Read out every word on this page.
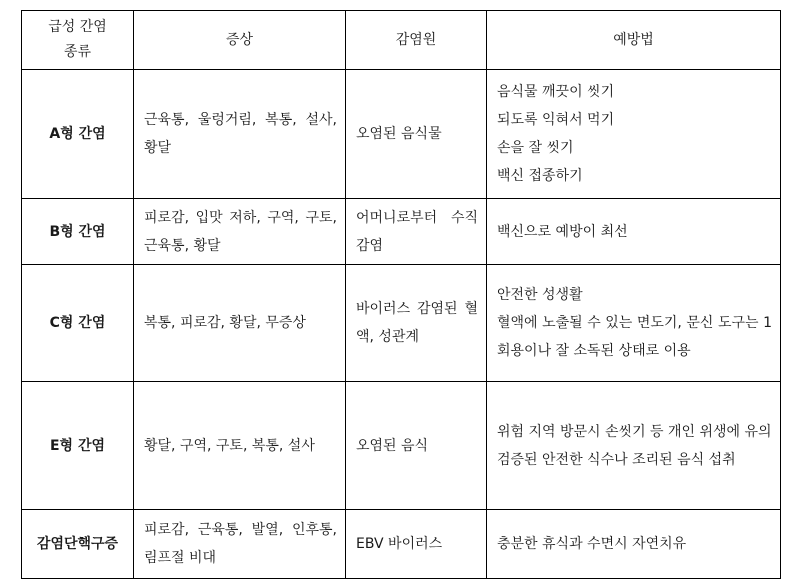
급성 간염
종류	증상	감염원	예방법
A형 간염	근육통, 울렁거림, 복통, 설사, 황달	오염된 음식물	음식물 깨끗이 씻기
되도록 익혀서 먹기
손을 잘 씻기
백신 접종하기

B형 간염	피로감, 입맛 저하, 구역, 구토, 근육통, 황달	어머니로부터 수직 감염	백신으로 예방이 최선

C형 간염	복통, 피로감, 황달, 무증상	바이러스 감염된 혈액, 성관계	안전한 성생활
혈액에 노출될 수 있는 면도기, 문신 도구는 1회용이나 잘 소독된 상태로 이용

E형 간염	황달, 구역, 구토, 복통, 설사	오염된 음식	위험 지역 방문시 손씻기 등 개인 위생에 유의
검증된 안전한 식수나 조리된 음식 섭취

감염단핵구증	피로감, 근육통, 발열, 인후통, 림프절 비대	EBV 바이러스	충분한 휴식과 수면시 자연치유
